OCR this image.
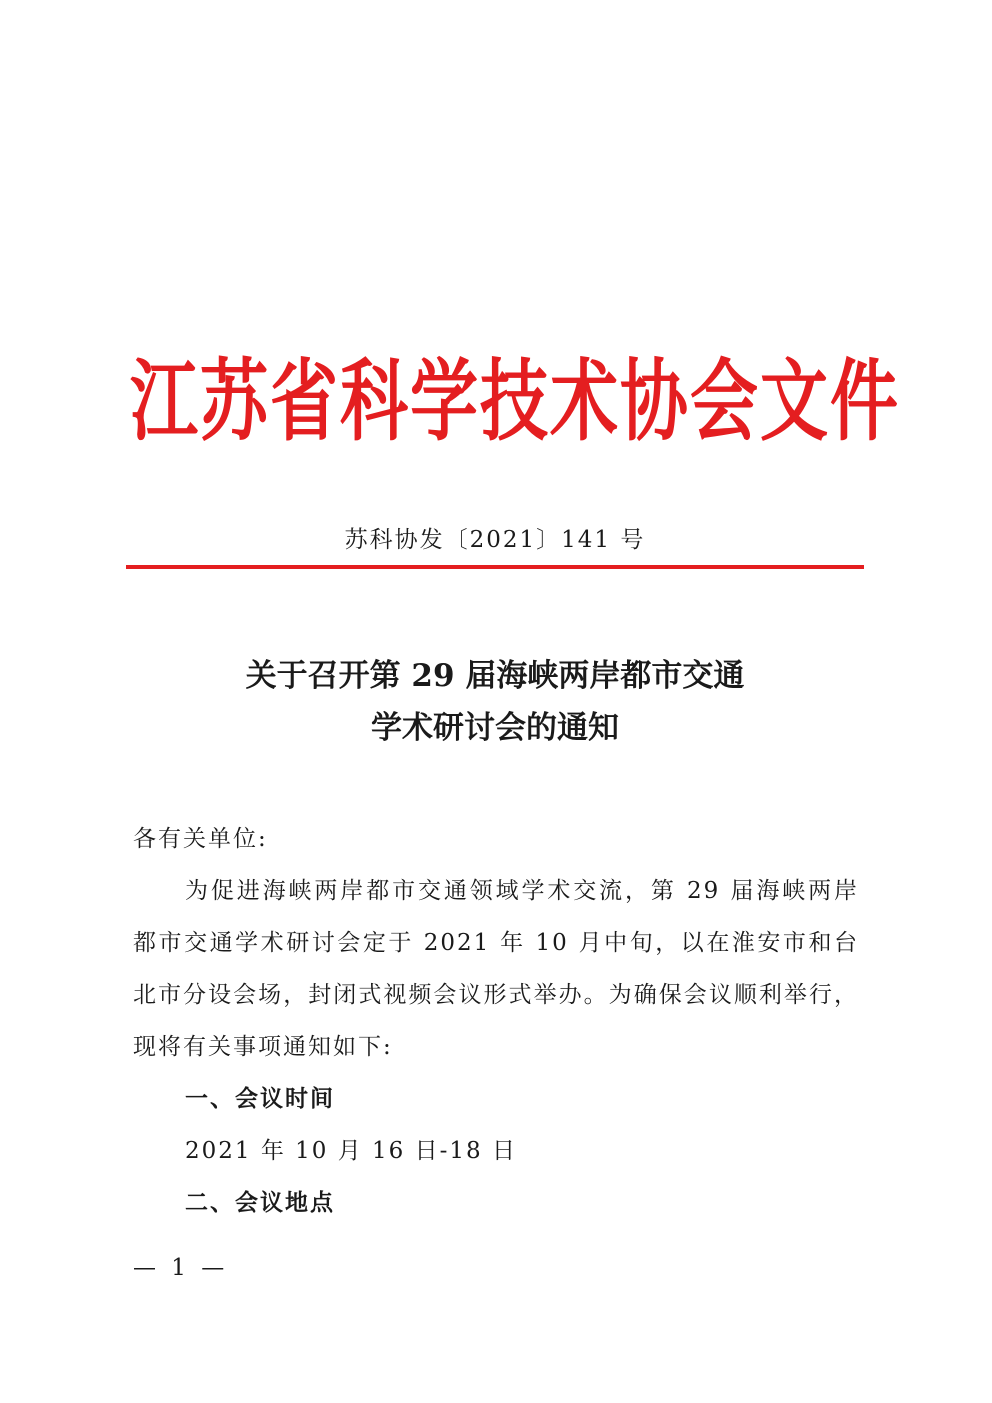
江苏省科学技术协会文件
苏科协发〔2021〕141 号
关于召开第 29 届海峡两岸都市交通
学术研讨会的通知

各有关单位:

为促进海峡两岸都市交通领域学术交流，第 29 届海峡两岸都市交通学术研讨会定于 2021 年 10 月中旬，以在淮安市和台北市分设会场，封闭式视频会议形式举办。为确保会议顺利举行，现将有关事项通知如下:

一、会议时间

2021 年 10 月 16 日-18 日

二、会议地点

— 1 —
